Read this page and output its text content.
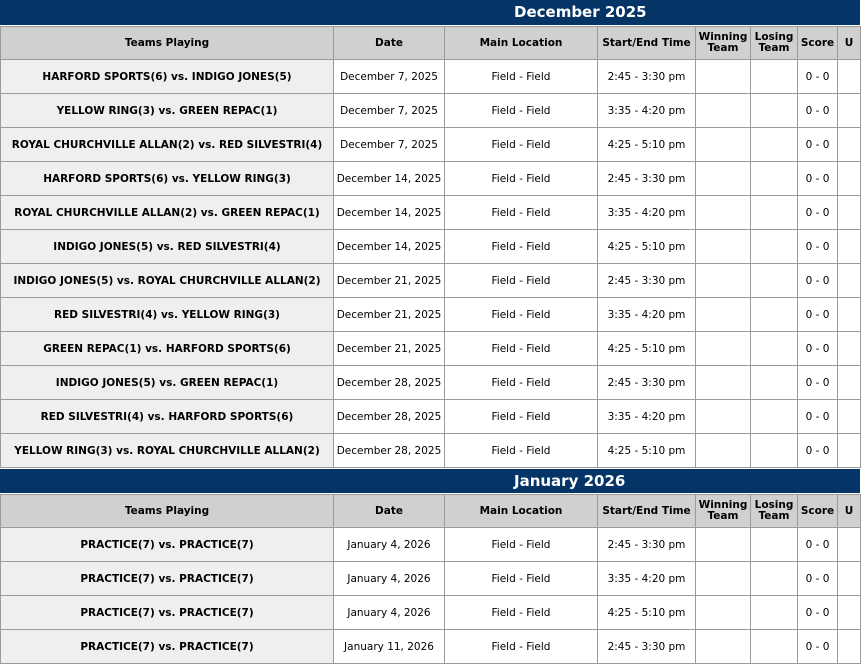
December 2025
Teams Playing	Date	Main Location	Start/End Time	Winning Team	Losing Team	Score	U
HARFORD SPORTS(6) vs. INDIGO JONES(5)	December 7, 2025	Field - Field	2:45 - 3:30 pm			0 - 0	
YELLOW RING(3) vs. GREEN REPAC(1)	December 7, 2025	Field - Field	3:35 - 4:20 pm			0 - 0	
ROYAL CHURCHVILLE ALLAN(2) vs. RED SILVESTRI(4)	December 7, 2025	Field - Field	4:25 - 5:10 pm			0 - 0	
HARFORD SPORTS(6) vs. YELLOW RING(3)	December 14, 2025	Field - Field	2:45 - 3:30 pm			0 - 0	
ROYAL CHURCHVILLE ALLAN(2) vs. GREEN REPAC(1)	December 14, 2025	Field - Field	3:35 - 4:20 pm			0 - 0	
INDIGO JONES(5) vs. RED SILVESTRI(4)	December 14, 2025	Field - Field	4:25 - 5:10 pm			0 - 0	
INDIGO JONES(5) vs. ROYAL CHURCHVILLE ALLAN(2)	December 21, 2025	Field - Field	2:45 - 3:30 pm			0 - 0	
RED SILVESTRI(4) vs. YELLOW RING(3)	December 21, 2025	Field - Field	3:35 - 4:20 pm			0 - 0	
GREEN REPAC(1) vs. HARFORD SPORTS(6)	December 21, 2025	Field - Field	4:25 - 5:10 pm			0 - 0	
INDIGO JONES(5) vs. GREEN REPAC(1)	December 28, 2025	Field - Field	2:45 - 3:30 pm			0 - 0	
RED SILVESTRI(4) vs. HARFORD SPORTS(6)	December 28, 2025	Field - Field	3:35 - 4:20 pm			0 - 0	
YELLOW RING(3) vs. ROYAL CHURCHVILLE ALLAN(2)	December 28, 2025	Field - Field	4:25 - 5:10 pm			0 - 0	
January 2026
Teams Playing	Date	Main Location	Start/End Time	Winning Team	Losing Team	Score	U
PRACTICE(7) vs. PRACTICE(7)	January 4, 2026	Field - Field	2:45 - 3:30 pm			0 - 0	
PRACTICE(7) vs. PRACTICE(7)	January 4, 2026	Field - Field	3:35 - 4:20 pm			0 - 0	
PRACTICE(7) vs. PRACTICE(7)	January 4, 2026	Field - Field	4:25 - 5:10 pm			0 - 0	
PRACTICE(7) vs. PRACTICE(7)	January 11, 2026	Field - Field	2:45 - 3:30 pm			0 - 0	
